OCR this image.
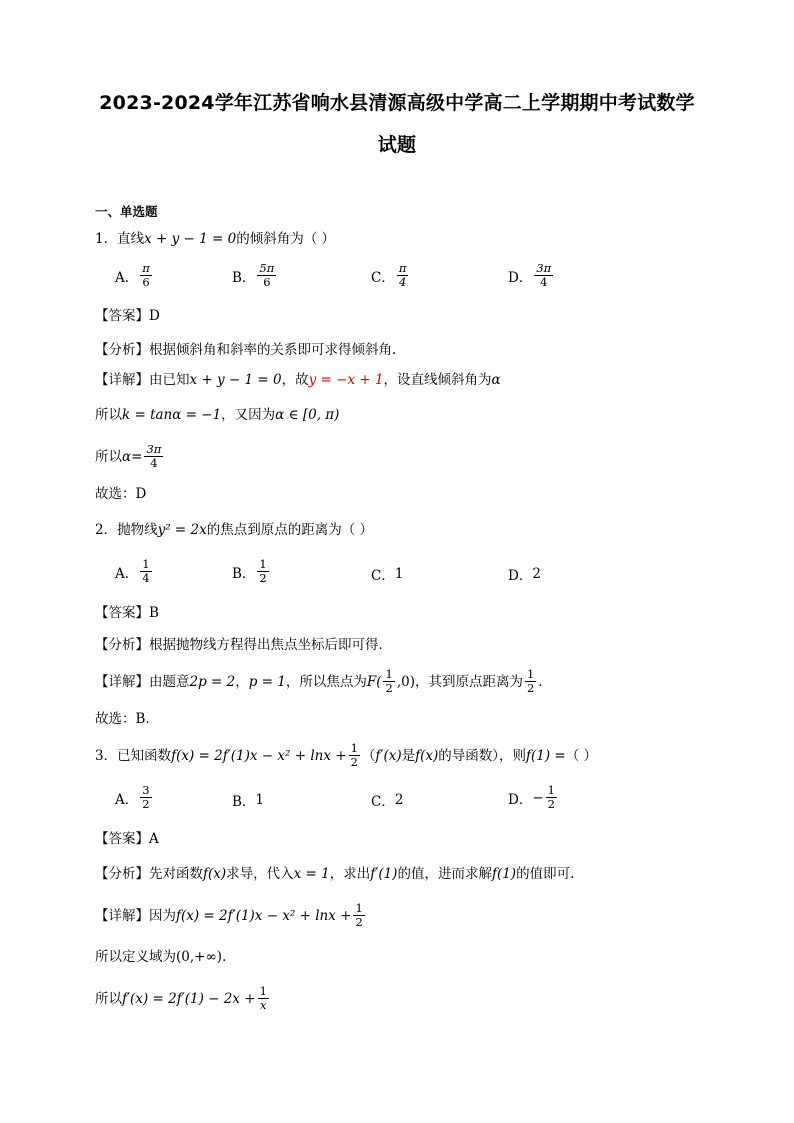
2023-2024学年江苏省响水县清源高级中学高二上学期期中考试数学
试题
一、单选题
1．直线x + y − 1 = 0的倾斜角为（ ）
A． $\frac{\pi}{6}$	B． $\frac{5\pi}{6}$	C． $\frac{\pi}{4}$	D． $\frac{3\pi}{4}$
【答案】D
【分析】根据倾斜角和斜率的关系即可求得倾斜角.
【详解】由已知x + y − 1 = 0，故y = −x + 1，设直线倾斜角为α
所以k = tanα = −1，又因为α ∈ [0, π)
所以 $\alpha= \frac{3\pi}{4}$
故选：D
2．抛物线y² = 2x的焦点到原点的距离为（ ）
A． $\frac{1}{4}$	B． $\frac{1}{2}$	C． 1	D． 2
【答案】B
【分析】根据抛物线方程得出焦点坐标后即可得．
【详解】 由题意 2p = 2 ， p = 1 ，所以焦点为 $F( \frac{1}{2} ,0)$ ，其到原点距离为 $\frac{1}{2}$ ．
故选：B．
3．已知函数 $f(x) = 2f'(1)x - x^2 + \ln x + \frac{1}{2}$ （ f′(x) 是 f(x) 的导函数），则 f(1) = （ ）
A． $\frac{3}{2}$	B． 1	C． 2	D． − $\frac{1}{2}$
【答案】A
【分析】先对函数f(x)求导，代入x = 1，求出f′(1)的值，进而求解f(1)的值即可.
【详解】 因为 $f(x) = 2f'(1)x - x^2 + \ln x + \frac{1}{2}$
所以定义域为(0,+∞).
所以 $f'(x) = 2f'(1) - 2x + \frac{1}{x}$
